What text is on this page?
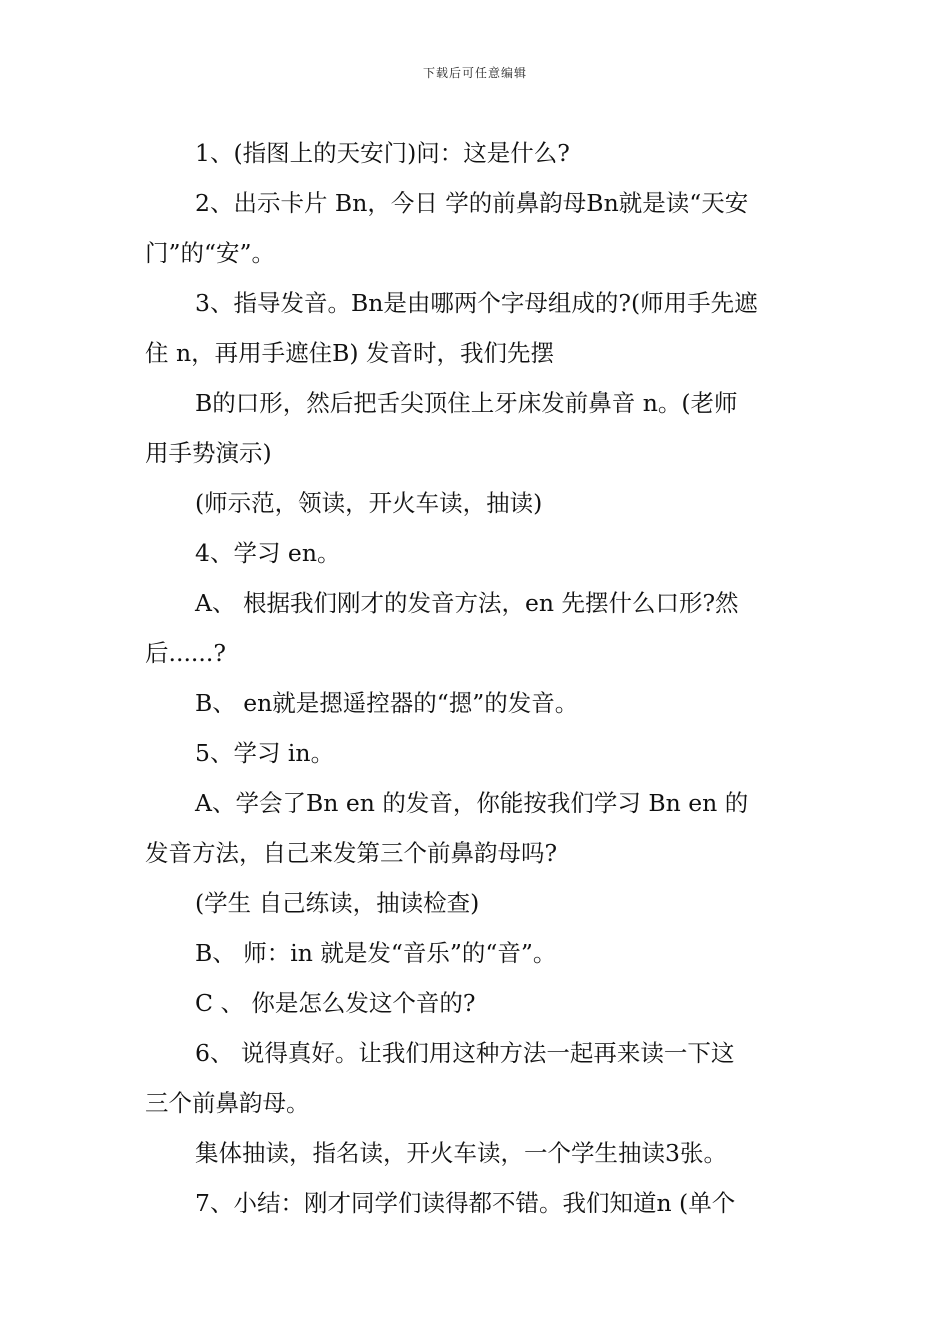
下载后可任意编辑
1、(指图上的天安门)问：这是什么?
2、出示卡片 Bn，今日 学的前鼻韵母Bn就是读“天安
门”的“安”。
3、指导发音。Bn是由哪两个字母组成的?(师用手先遮
住 n，再用手遮住B) 发音时，我们先摆
B的口形，然后把舌尖顶住上牙床发前鼻音 n。(老师
用手势演示)
(师示范，领读，开火车读，抽读)
4、学习 en。
A、 根据我们刚才的发音方法，en 先摆什么口形?然
后......?
B、 en就是摁遥控器的“摁”的发音。
5、学习 in。
A、学会了Bn en 的发音，你能按我们学习 Bn en 的
发音方法，自己来发第三个前鼻韵母吗?
(学生 自己练读，抽读检查)
B、 师：in 就是发“音乐”的“音”。
C 、 你是怎么发这个音的?
6、 说得真好。让我们用这种方法一起再来读一下这
三个前鼻韵母。
集体抽读，指名读，开火车读，一个学生抽读3张。
7、小结：刚才同学们读得都不错。我们知道n (单个
